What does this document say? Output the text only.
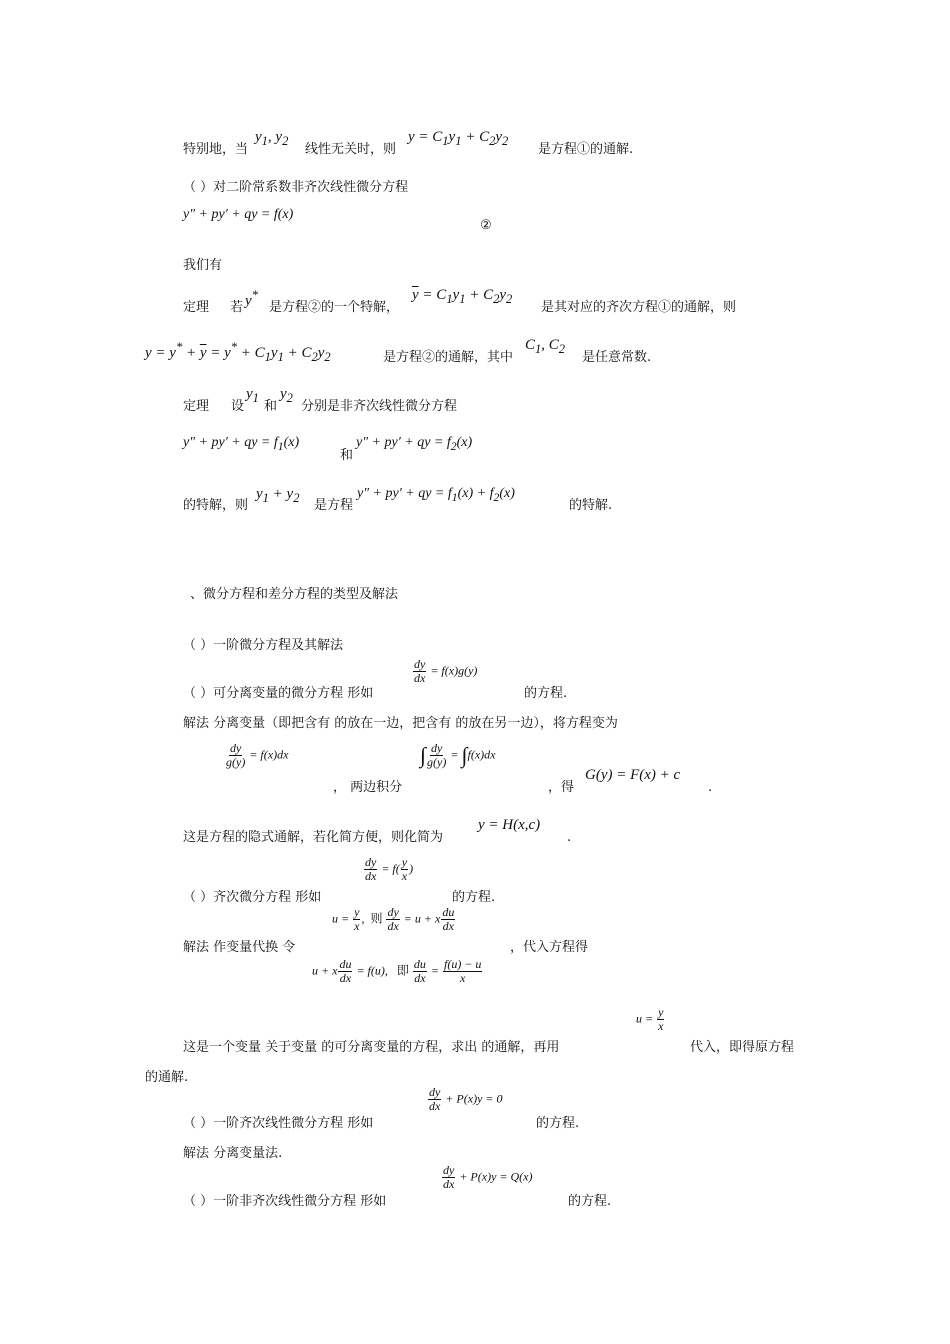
特别地，当
$y_1$, $y_2$
线性无关时，则
$y = C_1y_1 + C_2y_2$
是方程①的通解.
（ ）对二阶常系数非齐次线性微分方程
y″ + py′ + qy = f(x)
②
我们有
定理 若 y*
是方程②的一个特解，
$\overline{y} = C_1y_1 + C_2y_2$
是其对应的齐次方程①的通解，则
$y = y^* + \overline{y} = y^* + C_1y_1 + C_2y_2$	是方程②的通解，其中
$C_1$, $C_2$
是任意常数.
定理 设
$y_1$
和
$y_2$
分别是非齐次线性微分方程
y″ + py′ + qy = $f_1(x)$
和
y″ + py′ + qy = $f_2(x)$
的特解，则
$y_1 + y_2$ 是方程
y″ + py′ + qy = $f_1(x) + f_2(x)$
的特解.
、微分方程和差分方程的类型及解法
（ ）一阶微分方程及其解法
$\frac{dy}{dx} = f(x)g(y)$
（ ）可分离变量的微分方程 形如	的方程.
解法 分离变量（即把含有 的放在一边，把含有 的放在另一边），将方程变为
$\frac{dy}{g(y)} = f(x)dx$
， 两边积分
∫ $\frac{dy}{g(y)} = \int f(x)dx$
，得
G(y) = F(x) + c
.
这是方程的隐式通解，若化简方便，则化简为
y = H(x,c)
.
$\frac{dy}{dx} = f( \frac{y}{x}$ )
（ ）齐次微分方程 形如	的方程.
$u = \frac{y}{x}$ ,  则 $\frac{dy}{dx} = u + x \frac{du}{dx}$
解法 作变量代换 令	，代入方程得
u + x $\frac{du}{dx} = f(u)$,   即 $\frac{du}{dx} = \frac{f(u) - u}{x}$
$u = \frac{y}{x}$
这是一个变量 关于变量 的可分离变量的方程，求出 的通解，再用	代入，即得原方程
的通解.
$\frac{dy}{dx} + P(x)y = 0$
（ ）一阶齐次线性微分方程 形如	的方程.
解法 分离变量法.
$\frac{dy}{dx} + P(x)y = Q(x)$
（ ）一阶非齐次线性微分方程 形如	的方程.
